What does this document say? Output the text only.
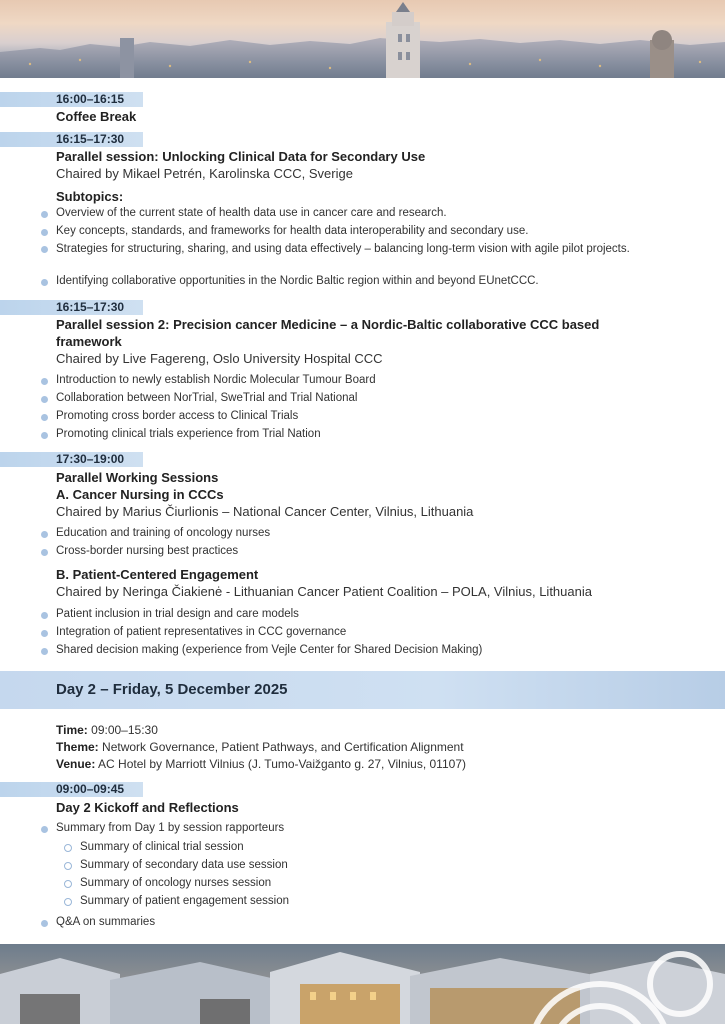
16:00–16:15
Coffee Break
16:15–17:30
Parallel session: Unlocking Clinical Data for Secondary Use
Chaired by Mikael Petrén, Karolinska CCC, Sverige
Subtopics:
Overview of the current state of health data use in cancer care and research.
Key concepts, standards, and frameworks for health data interoperability and secondary use.
Strategies for structuring, sharing, and using data effectively – balancing long-term vision with agile pilot projects.
Identifying collaborative opportunities in the Nordic Baltic region within and beyond EUnetCCC.
16:15–17:30
Parallel session 2: Precision cancer Medicine – a Nordic-Baltic collaborative CCC based
framework
Chaired by Live Fagereng, Oslo University Hospital CCC
Introduction to newly establish Nordic Molecular Tumour Board
Collaboration between NorTrial, SweTrial and Trial National
Promoting cross border access to Clinical Trials
Promoting clinical trials experience from Trial Nation
17:30–19:00
Parallel Working Sessions
A. Cancer Nursing in CCCs
Chaired by Marius Čiurlionis – National Cancer Center, Vilnius, Lithuania
Education and training of oncology nurses
Cross-border nursing best practices
B. Patient-Centered Engagement
Chaired by Neringa Čiakienė - Lithuanian Cancer Patient Coalition – POLA, Vilnius, Lithuania
Patient inclusion in trial design and care models
Integration of patient representatives in CCC governance
Shared decision making (experience from Vejle Center for Shared Decision Making)
Day 2 – Friday, 5 December 2025
Time: 09:00–15:30
Theme: Network Governance, Patient Pathways, and Certification Alignment
Venue: AC Hotel by Marriott Vilnius (J. Tumo-Vaižganto g. 27, Vilnius, 01107)
09:00–09:45
Day 2 Kickoff and Reflections
Summary from Day 1 by session rapporteurs
Summary of clinical trial session
Summary of secondary data use session
Summary of oncology nurses session
Summary of patient engagement session
Q&A on summaries
